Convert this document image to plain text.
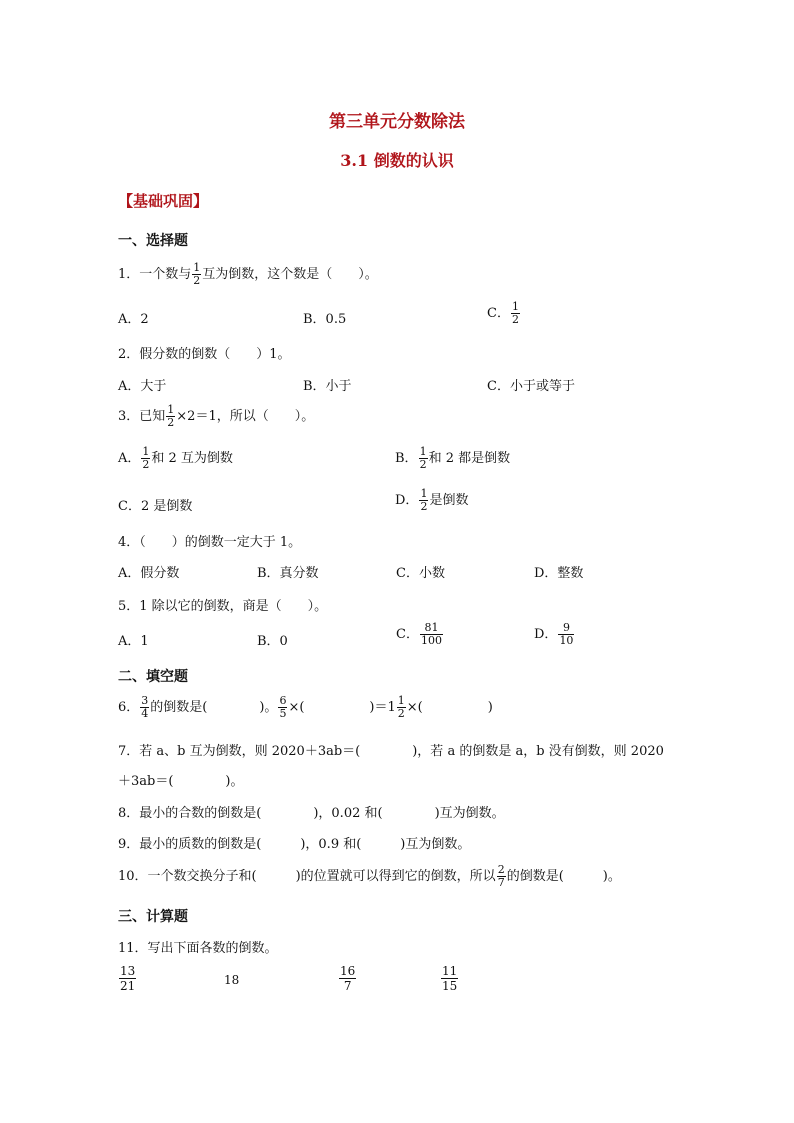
第三单元分数除法
3.1 倒数的认识
【基础巩固】
一、选择题
1．一个数与 $\frac{1}{2}$ 互为倒数，这个数是（　　）。
A．2	B．0.5	C． $\frac{1}{2}$
2．假分数的倒数（　　）1。
A．大于	B．小于	C．小于或等于
3．已知 $\frac{1}{2} \times 2=1$，所以（　　）。
A． $\frac{1}{2}$ 和 2 互为倒数	B． $\frac{1}{2}$ 和 2 都是倒数
C．2 是倒数	D． $\frac{1}{2}$ 是倒数
4．（　　）的倒数一定大于 1。
A．假分数	B．真分数	C．小数	D．整数
5．1 除以它的倒数，商是（　　）。
A．1	B．0	C． $\frac{81}{100}$	D． $\frac{9}{10}$
二、填空题
6． $\frac{3}{4}$ 的倒数是(　　　　)。 $\frac{6}{5}$ ×(　　　　　)$=1 \frac{1}{2}$ ×(　　　　　)
7．若 a、b 互为倒数，则 2020＋3ab＝(　　　　)，若 a 的倒数是 a，b 没有倒数，则 2020
＋3ab＝(　　　　)。
8．最小的合数的倒数是(　　　　)，0.02 和(　　　　)互为倒数。
9．最小的质数的倒数是(　　　)，0.9 和(　　　)互为倒数。
10．一个数交换分子和(　　　)的位置就可以得到它的倒数，所以 $\frac{2}{7}$ 的倒数是(　　　)。
三、计算题
11．写出下面各数的倒数。
$\frac{13}{21}$	18	$\frac{16}{7}$	$\frac{11}{15}$
